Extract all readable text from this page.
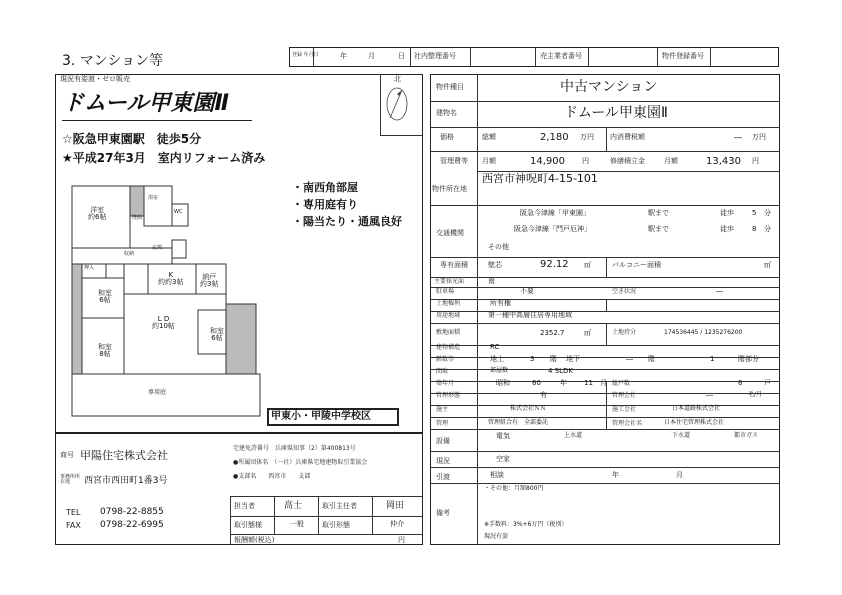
3. マンション等	登録 年月日	年	月	日 社内整理番号	売主業者番号	物件登録番号
現況有姿渡・ゼロ販売	北
ドムール甲東園Ⅱ
☆阪急甲東園駅　徒歩5分
★平成27年3月　室内リフォーム済み
・南西角部屋
・専用庭有り
・陽当たり・通風良好
洋室
約6帖
和室
6帖
和室
8帖
和室
6帖
L D
約10帖
K
約約3帖
納戸
約3帖
専用庭
玄関
押入
浴室
洗面
WC
収納
甲東小・甲陵中学校区
商号 甲陽住宅株式会社
事務所所在地	西宮市西田町1番3号
TEL 0798-22-8855
FAX 0798-22-6995
宅建免許番号　兵庫県知事（2）第400813号
●所属団体名　（一社）兵庫県宅地建物取引業協会
●支部名　　西宮市　　支部
担当者	高士	取引主任者	岡田
取引態様	一般	取引形態	仲介
報酬額(税込)	円
物件種目	中古マンション
建物名	ドムール甲東園Ⅱ
価格	総額	2,180 万円 内消費税額	― 万円
管理費等 月額	14,900 円	修繕積立金	月額	13,430 円
物件所在地
西宮市神呪町4-15-101
交通機関
阪急今津線「甲東園」	駅まで	徒歩	5 分
阪急今津線「門戸厄神」	駅まで	徒歩	8 分
その他
専有面積	壁芯	92.12 ㎡	バルコニー面積	㎡
主要採光面	南
駐車場	不要	空き状況	―
土地権利	所有権
用途地域	第一種中高層住居専用地域
敷地面積	2352.7	㎡	土地持分	174536445 / 1235276200
建物構造	RC
階数等	地上	3 階 地下	― 階	1	階部分
間取	部屋数	4 SLDK
築年月	昭和	60	年 11 月 総戸数	6	戸
管理形態	有	管理会社	―	毛/月
施主	株式会社ＮＮ	施工会社	日本道路株式会社
管理	管理組合有　全部委託	管理会社名	日本住宅管理株式会社
設備
電気	上水道	下水道	都市ガス
現況	空家
引渡	相談	年	月
備考
・その他：月額800円
※手数料：3%+6万円（税別）
現況有姿
